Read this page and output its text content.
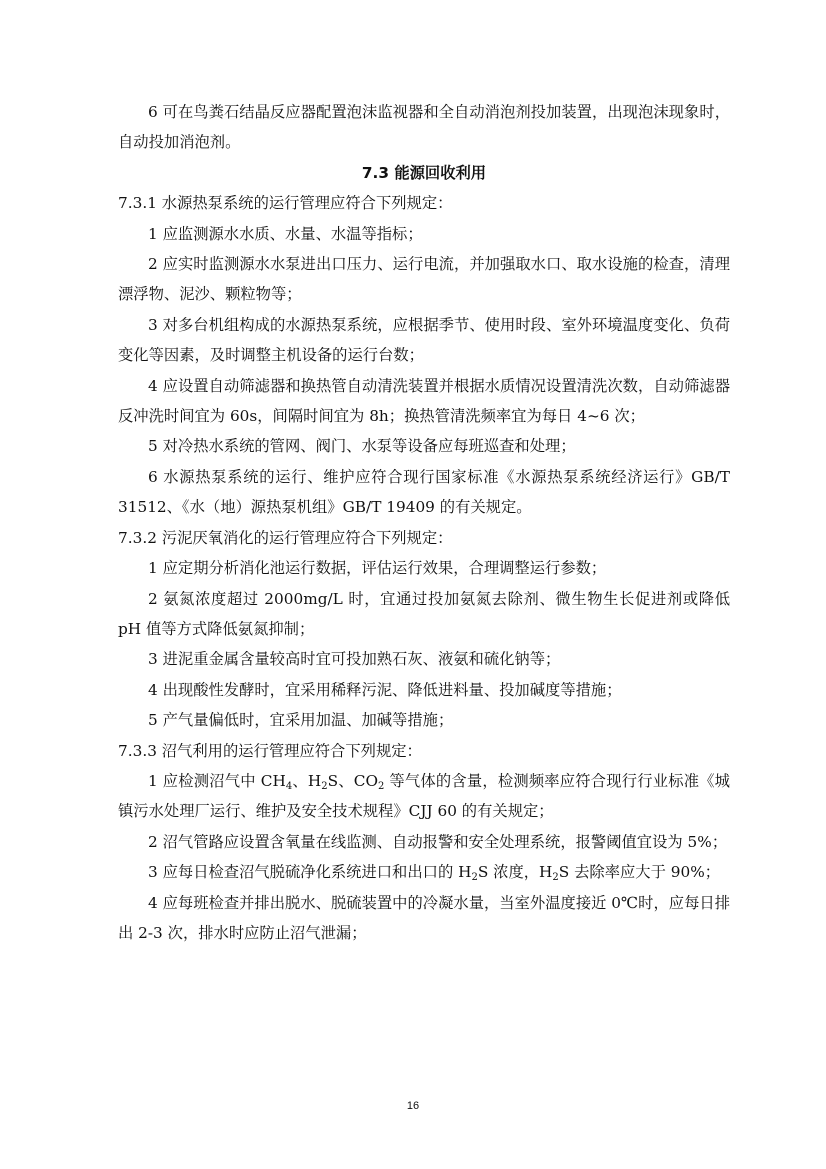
6 可在鸟粪石结晶反应器配置泡沫监视器和全自动消泡剂投加装置，出现泡沫现象时，自动投加消泡剂。

7.3 能源回收利用

7.3.1 水源热泵系统的运行管理应符合下列规定：

1 应监测源水水质、水量、水温等指标；

2 应实时监测源水水泵进出口压力、运行电流，并加强取水口、取水设施的检查，清理漂浮物、泥沙、颗粒物等；

3 对多台机组构成的水源热泵系统，应根据季节、使用时段、室外环境温度变化、负荷变化等因素，及时调整主机设备的运行台数；

4 应设置自动筛滤器和换热管自动清洗装置并根据水质情况设置清洗次数，自动筛滤器反冲洗时间宜为 60s，间隔时间宜为 8h；换热管清洗频率宜为每日 4~6 次；

5 对冷热水系统的管网、阀门、水泵等设备应每班巡查和处理；

6 水源热泵系统的运行、维护应符合现行国家标准《水源热泵系统经济运行》GB/T 31512、《水（地）源热泵机组》GB/T 19409 的有关规定。

7.3.2 污泥厌氧消化的运行管理应符合下列规定：

1 应定期分析消化池运行数据，评估运行效果，合理调整运行参数；

2 氨氮浓度超过 2000mg/L 时，宜通过投加氨氮去除剂、微生物生长促进剂或降低 pH 值等方式降低氨氮抑制；

3 进泥重金属含量较高时宜可投加熟石灰、液氨和硫化钠等；

4 出现酸性发酵时，宜采用稀释污泥、降低进料量、投加碱度等措施；

5 产气量偏低时，宜采用加温、加碱等措施；

7.3.3 沼气利用的运行管理应符合下列规定：

1 应检测沼气中 $CH_4$、$H_2S$、$CO_2$ 等气体的含量，检测频率应符合现行行业标准《城镇污水处理厂运行、维护及安全技术规程》CJJ 60 的有关规定；

2 沼气管路应设置含氧量在线监测、自动报警和安全处理系统，报警阈值宜设为 5%；

3 应每日检查沼气脱硫净化系统进口和出口的 $H_2S$ 浓度，$H_2S$ 去除率应大于 90%；

4 应每班检查并排出脱水、脱硫装置中的冷凝水量，当室外温度接近 0℃时，应每日排出 2-3 次，排水时应防止沼气泄漏；

16
